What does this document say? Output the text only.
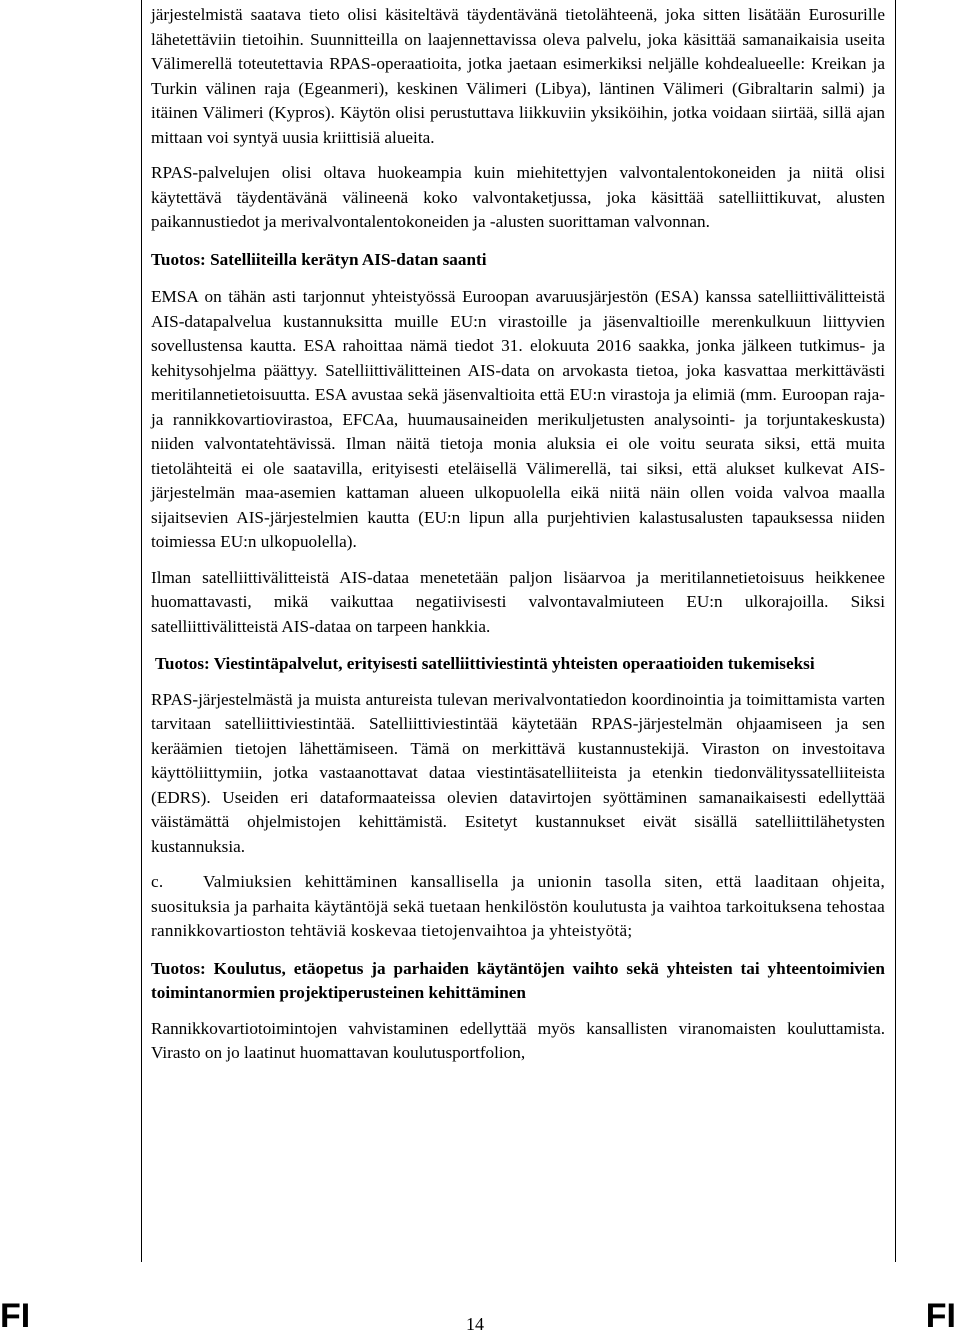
järjestelmistä saatava tieto olisi käsiteltävä täydentävänä tietolähteenä, joka sitten lisätään Eurosurille lähetettäviin tietoihin. Suunnitteilla on laajennettavissa oleva palvelu, joka käsittää samanaikaisia useita Välimerellä toteutettavia RPAS-operaatioita, jotka jaetaan esimerkiksi neljälle kohdealueelle: Kreikan ja Turkin välinen raja (Egeanmeri), keskinen Välimeri (Libya), läntinen Välimeri (Gibraltarin salmi) ja itäinen Välimeri (Kypros). Käytön olisi perustuttava liikkuviin yksiköihin, jotka voidaan siirtää, sillä ajan mittaan voi syntyä uusia kriittisiä alueita.

RPAS-palvelujen olisi oltava huokeampia kuin miehitettyjen valvontalentokoneiden ja niitä olisi käytettävä täydentävänä välineenä koko valvontaketjussa, joka käsittää satelliittikuvat, alusten paikannustiedot ja merivalvontalentokoneiden ja -alusten suorittaman valvonnan.

Tuotos: Satelliiteilla kerätyn AIS-datan saanti

EMSA on tähän asti tarjonnut yhteistyössä Euroopan avaruusjärjestön (ESA) kanssa satelliittivälitteistä AIS-datapalvelua kustannuksitta muille EU:n virastoille ja jäsenvaltioille merenkulkuun liittyvien sovellustensa kautta. ESA rahoittaa nämä tiedot 31. elokuuta 2016 saakka, jonka jälkeen tutkimus- ja kehitysohjelma päättyy. Satelliittivälitteinen AIS-data on arvokasta tietoa, joka kasvattaa merkittävästi meritilannetietoisuutta. ESA avustaa sekä jäsenvaltioita että EU:n virastoja ja elimiä (mm. Euroopan raja- ja rannikkovartiovirastoa, EFCAa, huumausaineiden merikuljetusten analysointi- ja torjuntakeskusta) niiden valvontatehtävissä. Ilman näitä tietoja monia aluksia ei ole voitu seurata siksi, että muita tietolähteitä ei ole saatavilla, erityisesti eteläisellä Välimerellä, tai siksi, että alukset kulkevat AIS-järjestelmän maa-asemien kattaman alueen ulkopuolella eikä niitä näin ollen voida valvoa maalla sijaitsevien AIS-järjestelmien kautta (EU:n lipun alla purjehtivien kalastusalusten tapauksessa niiden toimiessa EU:n ulkopuolella).

Ilman satelliittivälitteistä AIS-dataa menetetään paljon lisäarvoa ja meritilannetietoisuus heikkenee huomattavasti, mikä vaikuttaa negatiivisesti valvontavalmiuteen EU:n ulkorajoilla. Siksi satelliittivälitteistä AIS-dataa on tarpeen hankkia.

Tuotos: Viestintäpalvelut, erityisesti satelliittiviestintä yhteisten operaatioiden tukemiseksi

RPAS-järjestelmästä ja muista antureista tulevan merivalvontatiedon koordinointia ja toimittamista varten tarvitaan satelliittiviestintää. Satelliittiviestintää käytetään RPAS-järjestelmän ohjaamiseen ja sen keräämien tietojen lähettämiseen. Tämä on merkittävä kustannustekijä. Viraston on investoitava käyttöliittymiin, jotka vastaanottavat dataa viestintäsatelliiteista ja etenkin tiedonvälityssatelliiteista (EDRS). Useiden eri dataformaateissa olevien datavirtojen syöttäminen samanaikaisesti edellyttää väistämättä ohjelmistojen kehittämistä. Esitetyt kustannukset eivät sisällä satelliittilähetysten kustannuksia.

c. Valmiuksien kehittäminen kansallisella ja unionin tasolla siten, että laaditaan ohjeita, suosituksia ja parhaita käytäntöjä sekä tuetaan henkilöstön koulutusta ja vaihtoa tarkoituksena tehostaa rannikkovartioston tehtäviä koskevaa tietojenvaihtoa ja yhteistyötä;

Tuotos: Koulutus, etäopetus ja parhaiden käytäntöjen vaihto sekä yhteisten tai yhteentoimivien toimintanormien projektiperusteinen kehittäminen

Rannikkovartiotoimintojen vahvistaminen edellyttää myös kansallisten viranomaisten kouluttamista. Virasto on jo laatinut huomattavan koulutusportfolion,

FI	14	FI
